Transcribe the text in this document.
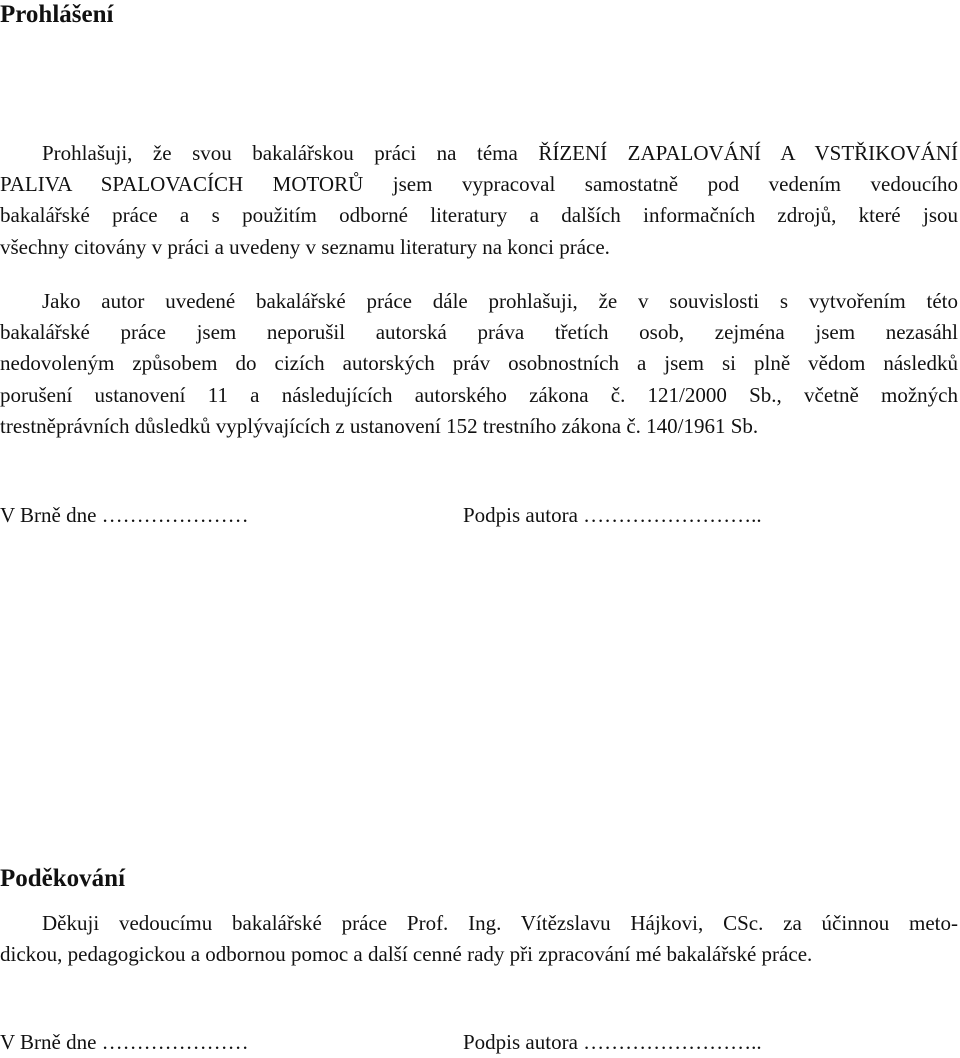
Prohlášení

Prohlašuji, že svou bakalářskou práci na téma ŘÍZENÍ ZAPALOVÁNÍ A VSTŘIKOVÁNÍ
PALIVA SPALOVACÍCH MOTORŮ jsem vypracoval samostatně pod vedením vedoucího
bakalářské práce a s použitím odborné literatury a dalších informačních zdrojů, které jsou
všechny citovány v práci a uvedeny v seznamu literatury na konci práce.

Jako autor uvedené bakalářské práce dále prohlašuji, že v souvislosti s vytvořením této
bakalářské práce jsem neporušil autorská práva třetích osob, zejména jsem nezasáhl
nedovoleným způsobem do cizích autorských práv osobnostních a jsem si plně vědom následků
porušení ustanovení 11 a následujících autorského zákona č. 121/2000 Sb., včetně možných
trestněprávních důsledků vyplývajících z ustanovení 152 trestního zákona č. 140/1961 Sb.

V Brně dne …………………	Podpis autora ……………………..
Poděkování

Děkuji vedoucímu bakalářské práce Prof. Ing. Vítězslavu Hájkovi, CSc. za účinnou meto-
dickou, pedagogickou a odbornou pomoc a další cenné rady při zpracování mé bakalářské práce.

V Brně dne …………………	Podpis autora ……………………..
